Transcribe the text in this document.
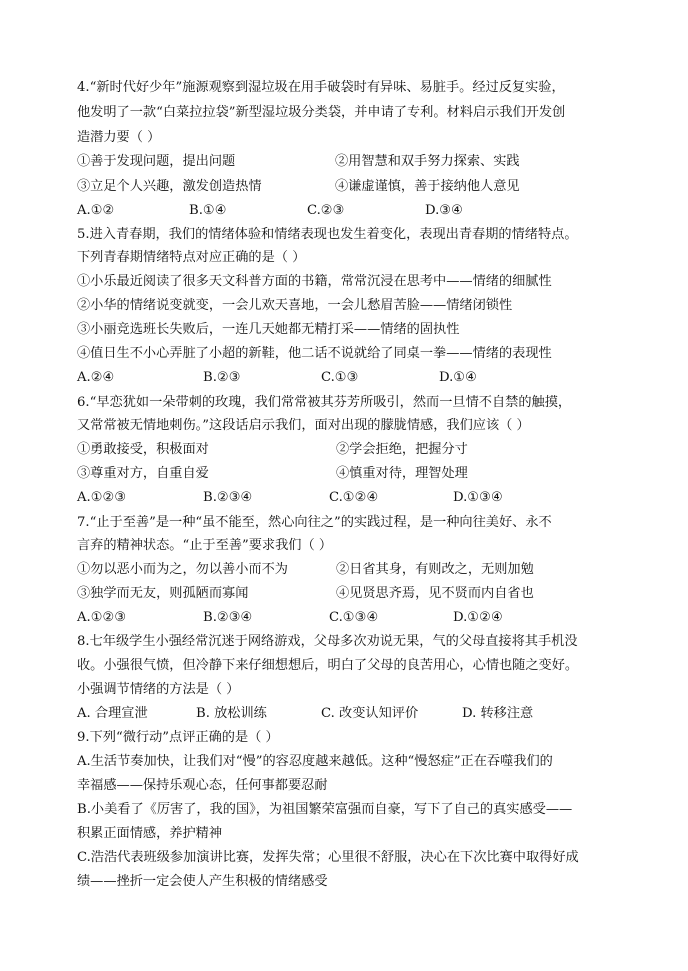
4.“新时代好少年”施源观察到湿垃圾在用手破袋时有异味、易脏手。经过反复实验，
他发明了一款“白菜拉拉袋”新型湿垃圾分类袋，并申请了专利。材料启示我们开发创
造潜力要（ ）
①善于发现问题，提出问题	②用智慧和双手努力探索、实践
③立足个人兴趣，激发创造热情	④谦虚谨慎，善于接纳他人意见
A.①②	B.①④	C.②③	D.③④
5.进入青春期，我们的情绪体验和情绪表现也发生着变化，表现出青春期的情绪特点。
下列青春期情绪特点对应正确的是（ ）
①小乐最近阅读了很多天文科普方面的书籍，常常沉浸在思考中——情绪的细腻性
②小华的情绪说变就变，一会儿欢天喜地，一会儿愁眉苦脸——情绪闭锁性
③小丽竞选班长失败后，一连几天她都无精打采——情绪的固执性
④值日生不小心弄脏了小超的新鞋，他二话不说就给了同桌一拳——情绪的表现性
A.②④	B.②③	C.①③	D.①④
6.“早恋犹如一朵带刺的玫瑰，我们常常被其芬芳所吸引，然而一旦情不自禁的触摸，
又常常被无情地刺伤。”这段话启示我们，面对出现的朦胧情感，我们应该（ ）
①勇敢接受，积极面对	②学会拒绝，把握分寸
③尊重对方，自重自爱	④慎重对待，理智处理
A.①②③	B.②③④	C.①②④	D.①③④
7.“止于至善”是一种“虽不能至，然心向往之”的实践过程，是一种向往美好、永不
言弃的精神状态。“止于至善”要求我们（ ）
①勿以恶小而为之，勿以善小而不为	②日省其身，有则改之，无则加勉
③独学而无友，则孤陋而寡闻	④见贤思齐焉，见不贤而内自省也
A.①②③	B.②③④	C.①③④	D.①②④
8.七年级学生小强经常沉迷于网络游戏，父母多次劝说无果，气的父母直接将其手机没
收。小强很气愤，但冷静下来仔细想想后，明白了父母的良苦用心，心情也随之变好。
小强调节情绪的方法是（ ）
A. 合理宣泄	B. 放松训练	C. 改变认知评价	D. 转移注意
9.下列“微行动”点评正确的是（ ）
A.生活节奏加快，让我们对“慢”的容忍度越来越低。这种“慢怒症”正在吞噬我们的
幸福感——保持乐观心态，任何事都要忍耐
B.小美看了《厉害了，我的国》，为祖国繁荣富强而自豪，写下了自己的真实感受——
积累正面情感，养护精神
C.浩浩代表班级参加演讲比赛，发挥失常；心里很不舒服，决心在下次比赛中取得好成
绩——挫折一定会使人产生积极的情绪感受
